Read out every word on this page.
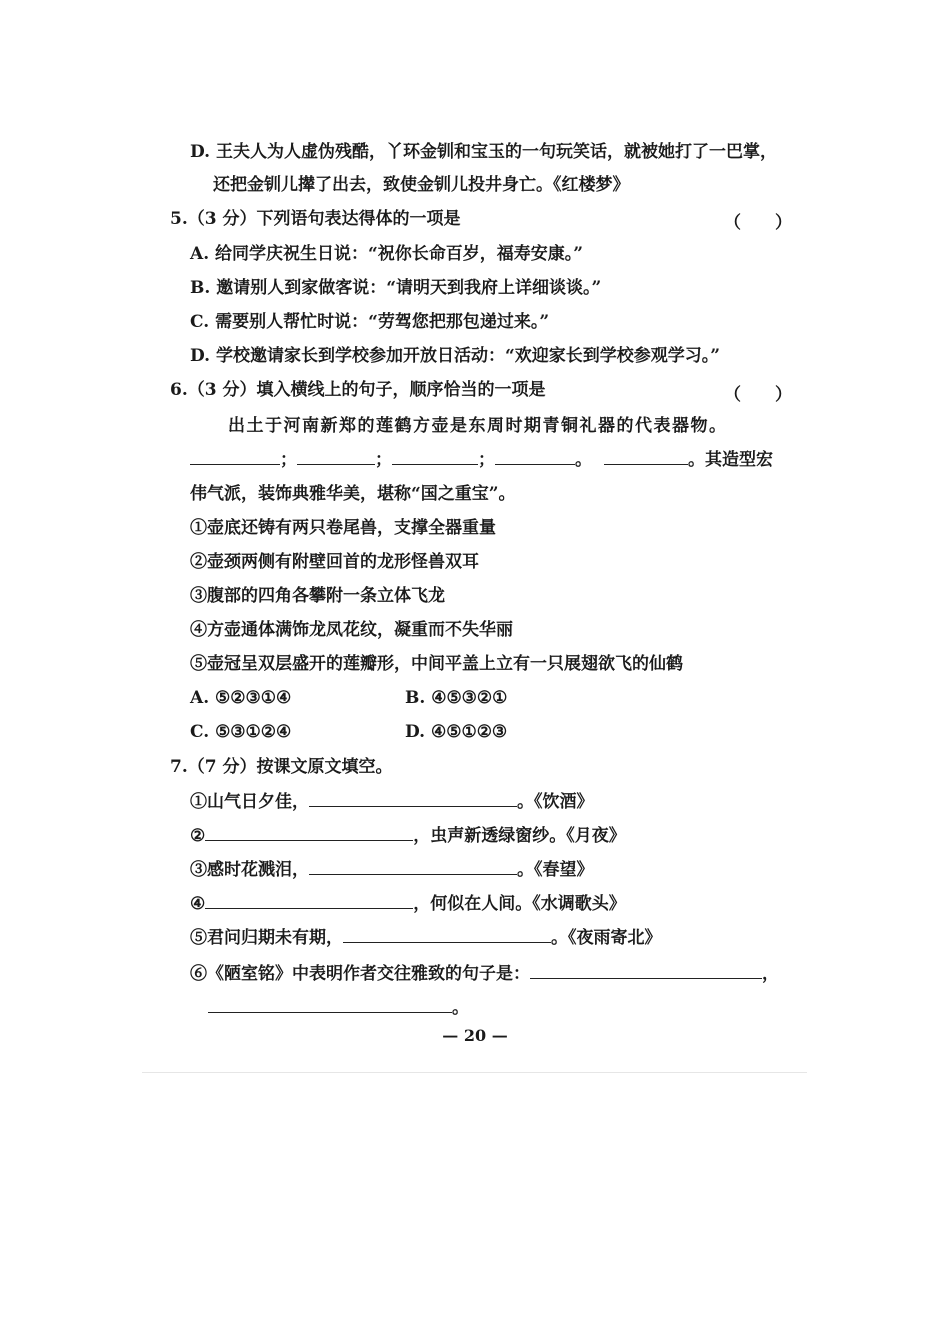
D. 王夫人为人虚伪残酷，丫环金钏和宝玉的一句玩笑话，就被她打了一巴掌，
还把金钏儿撵了出去，致使金钏儿投井身亡。《红楼梦》
5.（3 分）下列语句表达得体的一项是	（　　）
A. 给同学庆祝生日说：“祝你长命百岁，福寿安康。”
B. 邀请别人到家做客说：“请明天到我府上详细谈谈。”
C. 需要别人帮忙时说：“劳驾您把那包递过来。”
D. 学校邀请家长到学校参加开放日活动：“欢迎家长到学校参观学习。”
6.（3 分）填入横线上的句子，顺序恰当的一项是	（　　）
出土于河南新郑的莲鹤方壶是东周时期青铜礼器的代表器物。
；	；	；	。	。其造型宏
伟气派，装饰典雅华美，堪称“国之重宝”。
①壶底还铸有两只卷尾兽，支撑全器重量
②壶颈两侧有附壁回首的龙形怪兽双耳
③腹部的四角各攀附一条立体飞龙
④方壶通体满饰龙凤花纹，凝重而不失华丽
⑤壶冠呈双层盛开的莲瓣形，中间平盖上立有一只展翅欲飞的仙鹤
A. ⑤②③①④	B. ④⑤③②①
C. ⑤③①②④	D. ④⑤①②③
7.（7 分）按课文原文填空。
①山气日夕佳，	。《饮酒》
②	，虫声新透绿窗纱。《月夜》
③感时花溅泪，	。《春望》
④	，何似在人间。《水调歌头》
⑤君问归期未有期，	。《夜雨寄北》
⑥《陋室铭》中表明作者交往雅致的句子是：	，
。
— 20 —
